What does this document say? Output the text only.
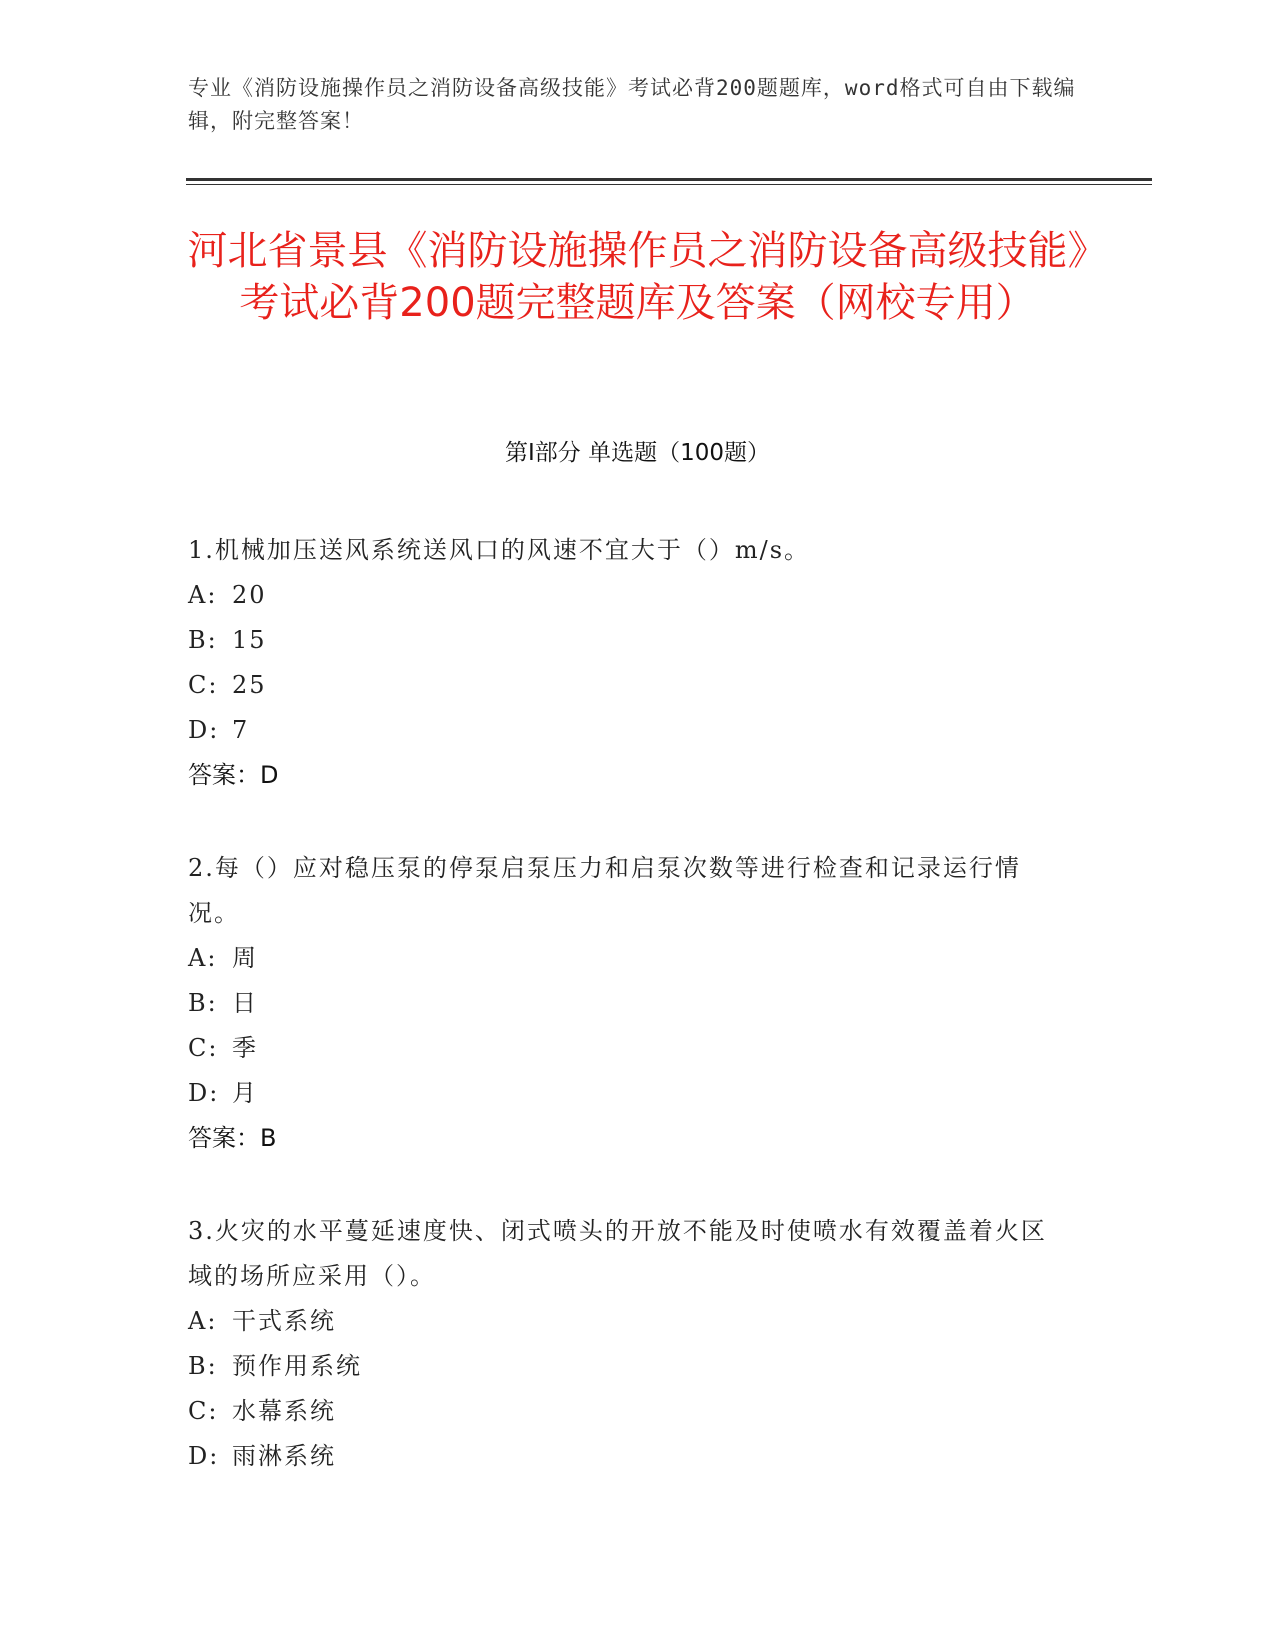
专业《消防设施操作员之消防设备高级技能》考试必背200题题库，word格式可自由下载编辑，附完整答案！
河北省景县《消防设施操作员之消防设备高级技能》考试必背200题完整题库及答案（网校专用）
第Ⅰ部分 单选题（100题）

1.机械加压送风系统送风口的风速不宜大于（）m/s。

A: 20
B: 15
C: 25
D: 7
答案：D

2.每（）应对稳压泵的停泵启泵压力和启泵次数等进行检查和记录运行情况。

A: 周
B: 日
C: 季
D: 月
答案：B

3.火灾的水平蔓延速度快、闭式喷头的开放不能及时使喷水有效覆盖着火区域的场所应采用（）。

A: 干式系统
B: 预作用系统
C: 水幕系统
D: 雨淋系统
